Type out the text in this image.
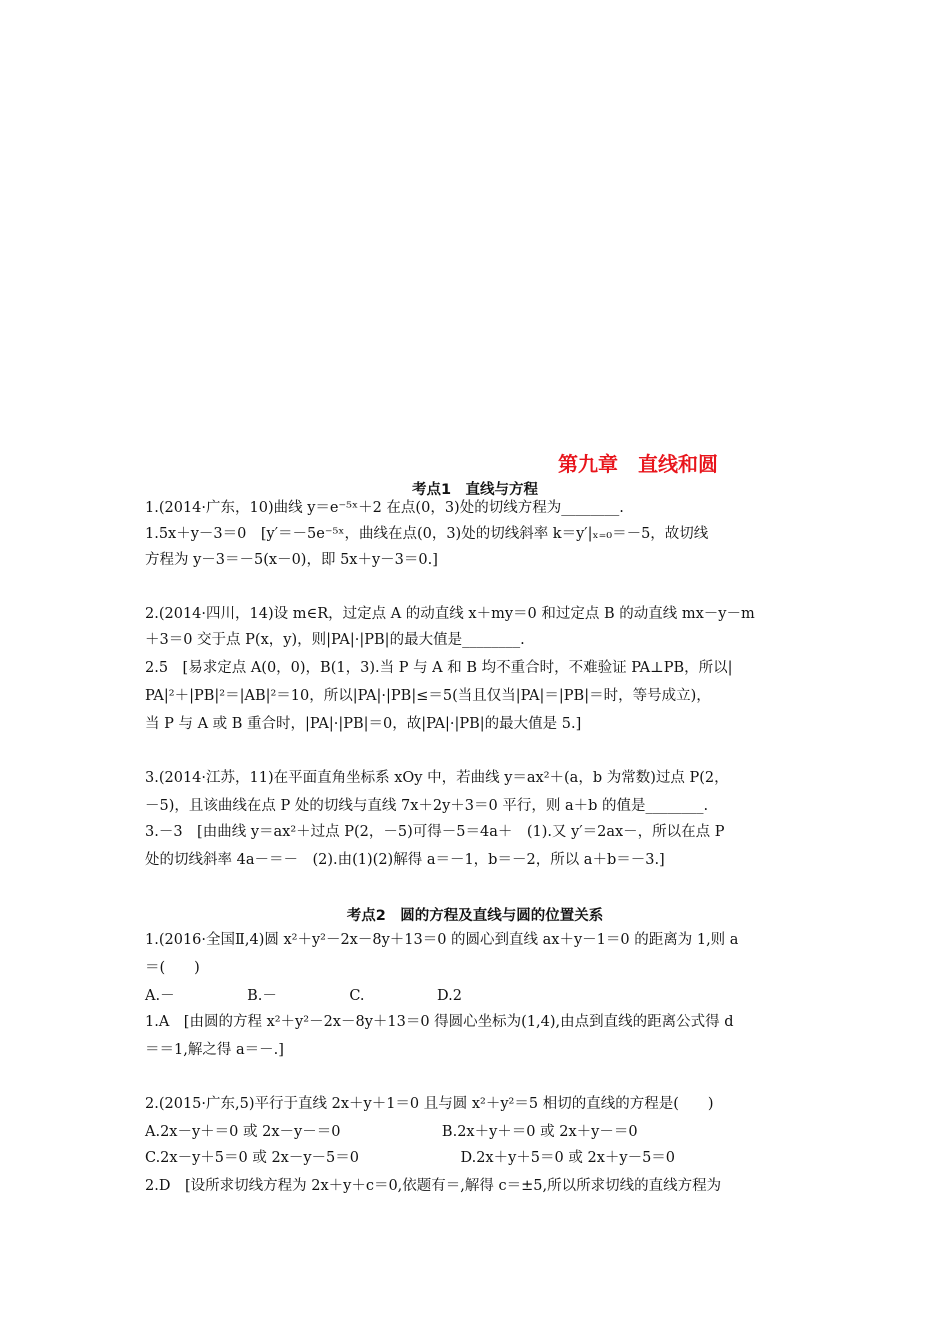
第九章　直线和圆
考点1　直线与方程
1.(2014·广东，10)曲线 y＝e⁻⁵ˣ＋2 在点(0，3)处的切线方程为________.
1.5x＋y－3＝0　[y′＝－5e⁻⁵ˣ，曲线在点(0，3)处的切线斜率 k＝y′|ₓ₌₀＝－5，故切线
方程为 y－3＝－5(x－0)，即 5x＋y－3＝0.]
2.(2014·四川，14)设 m∈R，过定点 A 的动直线 x＋my＝0 和过定点 B 的动直线 mx－y－m
＋3＝0 交于点 P(x，y)，则|PA|·|PB|的最大值是________.
2.5　[易求定点 A(0，0)，B(1，3).当 P 与 A 和 B 均不重合时，不难验证 PA⊥PB，所以|
PA|²＋|PB|²＝|AB|²＝10，所以|PA|·|PB|≤＝5(当且仅当|PA|＝|PB|＝时，等号成立)，
当 P 与 A 或 B 重合时，|PA|·|PB|＝0，故|PA|·|PB|的最大值是 5.]
3.(2014·江苏，11)在平面直角坐标系 xOy 中，若曲线 y＝ax²＋(a，b 为常数)过点 P(2，
－5)，且该曲线在点 P 处的切线与直线 7x＋2y＋3＝0 平行，则 a＋b 的值是________.
3.－3　[由曲线 y＝ax²＋过点 P(2，－5)可得－5＝4a＋　(1).又 y′＝2ax－，所以在点 P
处的切线斜率 4a－＝－　(2).由(1)(2)解得 a＝－1，b＝－2，所以 a＋b＝－3.]
考点2　圆的方程及直线与圆的位置关系
1.(2016·全国Ⅱ,4)圆 x²＋y²－2x－8y＋13＝0 的圆心到直线 ax＋y－1＝0 的距离为 1,则 a
＝(　　)
A.－　　　　　B.－　　　　　C.　　　　　D.2
1.A　[由圆的方程 x²＋y²－2x－8y＋13＝0 得圆心坐标为(1,4),由点到直线的距离公式得 d
＝＝1,解之得 a＝－.]
2.(2015·广东,5)平行于直线 2x＋y＋1＝0 且与圆 x²＋y²＝5 相切的直线的方程是(　　)
A.2x－y＋＝0 或 2x－y－＝0　　　　　　　B.2x＋y＋＝0 或 2x＋y－＝0
C.2x－y＋5＝0 或 2x－y－5＝0　　　　　　　D.2x＋y＋5＝0 或 2x＋y－5＝0
2.D　[设所求切线方程为 2x＋y＋c＝0,依题有＝,解得 c＝±5,所以所求切线的直线方程为
